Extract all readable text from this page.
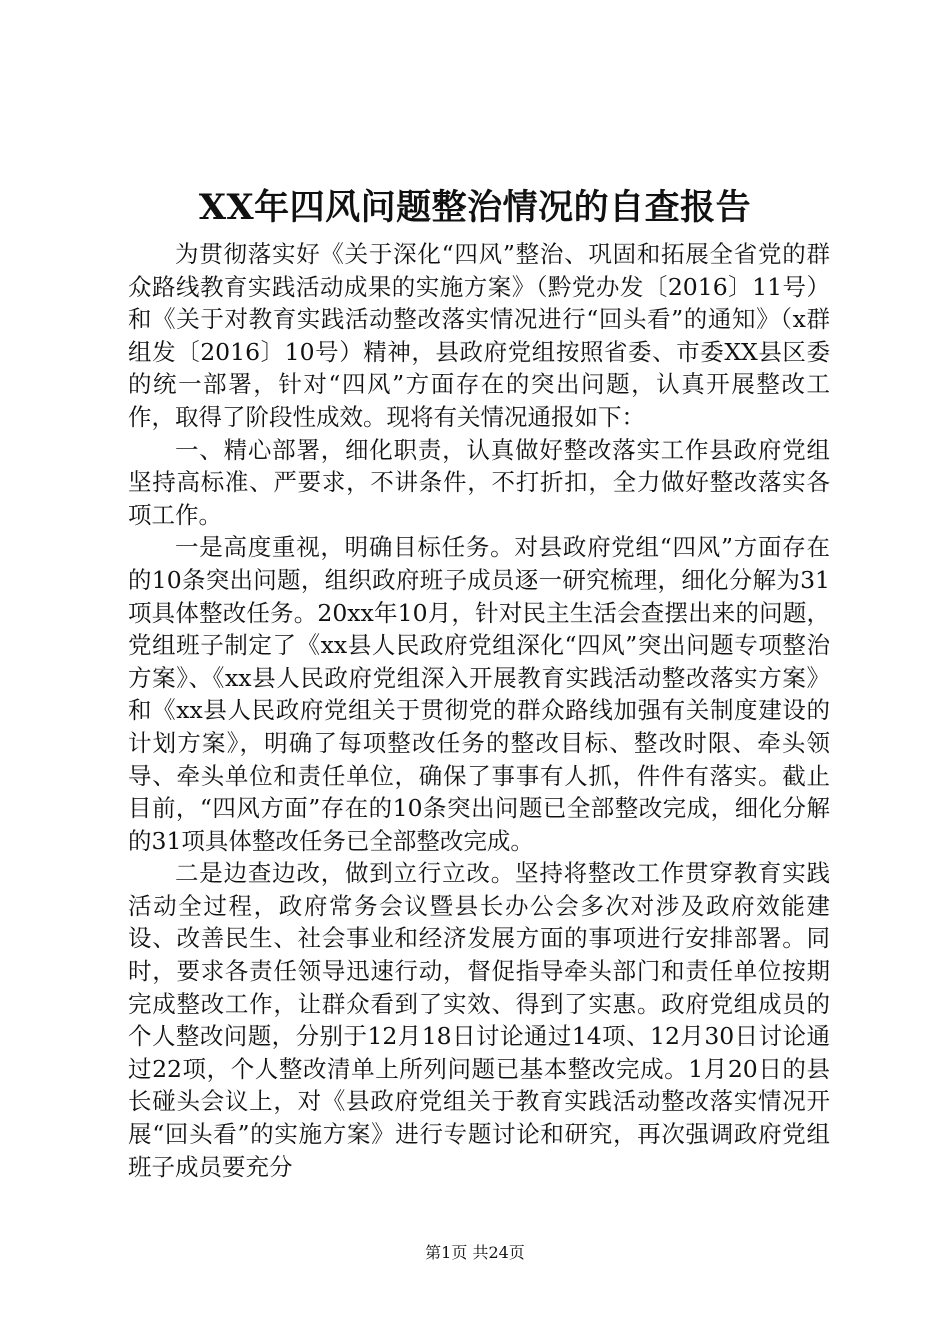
XX年四风问题整治情况的自查报告

为贯彻落实好《关于深化“四风”整治、巩固和拓展全省党的群众路线教育实践活动成果的实施方案》（黔党办发〔2016〕11号）和《关于对教育实践活动整改落实情况进行“回头看”的通知》（x群组发〔2016〕10号）精神，县政府党组按照省委、市委XX县区委的统一部署，针对“四风”方面存在的突出问题，认真开展整改工作，取得了阶段性成效。现将有关情况通报如下：

一、精心部署，细化职责，认真做好整改落实工作县政府党组坚持高标准、严要求，不讲条件，不打折扣，全力做好整改落实各项工作。

一是高度重视，明确目标任务。对县政府党组“四风”方面存在的10条突出问题，组织政府班子成员逐一研究梳理，细化分解为31项具体整改任务。20xx年10月，针对民主生活会查摆出来的问题，党组班子制定了《xx县人民政府党组深化“四风”突出问题专项整治方案》、《xx县人民政府党组深入开展教育实践活动整改落实方案》和《xx县人民政府党组关于贯彻党的群众路线加强有关制度建设的计划方案》，明确了每项整改任务的整改目标、整改时限、牵头领导、牵头单位和责任单位，确保了事事有人抓，件件有落实。截止目前，“四风方面”存在的10条突出问题已全部整改完成，细化分解的31项具体整改任务已全部整改完成。

二是边查边改，做到立行立改。坚持将整改工作贯穿教育实践活动全过程，政府常务会议暨县长办公会多次对涉及政府效能建设、改善民生、社会事业和经济发展方面的事项进行安排部署。同时，要求各责任领导迅速行动，督促指导牵头部门和责任单位按期完成整改工作，让群众看到了实效、得到了实惠。政府党组成员的个人整改问题，分别于12月18日讨论通过14项、12月30日讨论通过22项，个人整改清单上所列问题已基本整改完成。1月20日的县长碰头会议上，对《县政府党组关于教育实践活动整改落实情况开展“回头看”的实施方案》进行专题讨论和研究，再次强调政府党组班子成员要充分

第1页 共24页
